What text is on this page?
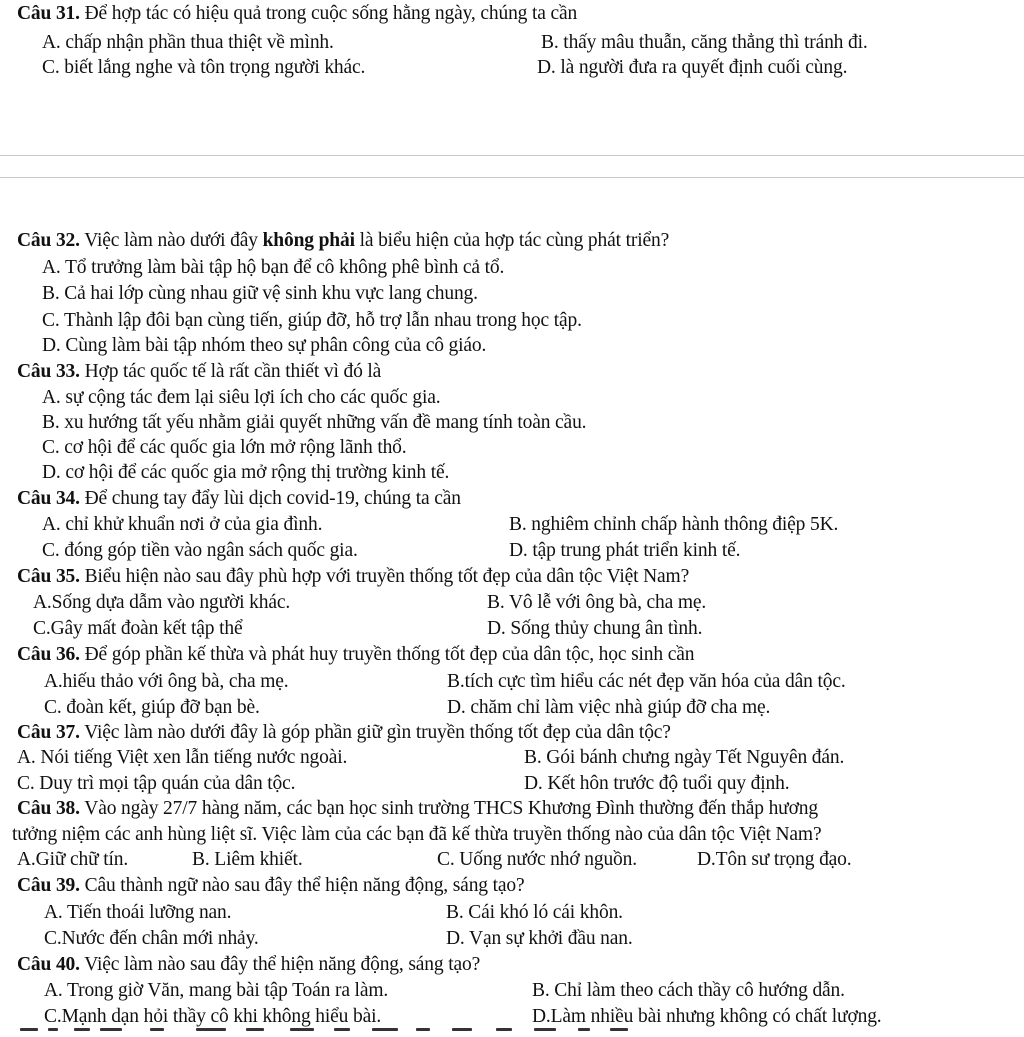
Câu 31. Để hợp tác có hiệu quả trong cuộc sống hằng ngày, chúng ta cần
A. chấp nhận phần thua thiệt về mình.	B. thấy mâu thuẫn, căng thẳng thì tránh đi.
C. biết lắng nghe và tôn trọng người khác.	D. là người đưa ra quyết định cuối cùng.
Câu 32. Việc làm nào dưới đây không phải là biểu hiện của hợp tác cùng phát triển?
A. Tổ trưởng làm bài tập hộ bạn để cô không phê bình cả tổ.
B. Cả hai lớp cùng nhau giữ vệ sinh khu vực lang chung.
C. Thành lập đôi bạn cùng tiến, giúp đỡ, hỗ trợ lẫn nhau trong học tập.
D. Cùng làm bài tập nhóm theo sự phân công của cô giáo.
Câu 33. Hợp tác quốc tế là rất cần thiết vì đó là
A. sự cộng tác đem lại siêu lợi ích cho các quốc gia.
B. xu hướng tất yếu nhằm giải quyết những vấn đề mang tính toàn cầu.
C. cơ hội để các quốc gia lớn mở rộng lãnh thổ.
D. cơ hội để các quốc gia mở rộng thị trường kinh tế.
Câu 34. Để chung tay đẩy lùi dịch covid-19, chúng ta cần
A. chỉ khử khuẩn nơi ở của gia đình.	B. nghiêm chỉnh chấp hành thông điệp 5K.
C. đóng góp tiền vào ngân sách quốc gia.	D. tập trung phát triển kinh tế.
Câu 35. Biểu hiện nào sau đây phù hợp với truyền thống tốt đẹp của dân tộc Việt Nam?
A.Sống dựa dẫm vào người khác.	B. Vô lễ với ông bà, cha mẹ.
C.Gây mất đoàn kết tập thể	D. Sống thủy chung ân tình.
Câu 36. Để góp phần kế thừa và phát huy truyền thống tốt đẹp của dân tộc, học sinh cần
A.hiếu thảo với ông bà, cha mẹ.	B.tích cực tìm hiểu các nét đẹp văn hóa của dân tộc.
C. đoàn kết, giúp đỡ bạn bè.	D. chăm chỉ làm việc nhà giúp đỡ cha mẹ.
Câu 37. Việc làm nào dưới đây là góp phần giữ gìn truyền thống tốt đẹp của dân tộc?
A. Nói tiếng Việt xen lẫn tiếng nước ngoài.	B. Gói bánh chưng ngày Tết Nguyên đán.
C. Duy trì mọi tập quán của dân tộc.	D. Kết hôn trước độ tuổi quy định.
Câu 38. Vào ngày 27/7 hàng năm, các bạn học sinh trường THCS Khương Đình thường đến thắp hương
tưởng niệm các anh hùng liệt sĩ. Việc làm của các bạn đã kế thừa truyền thống nào của dân tộc Việt Nam?
A.Giữ chữ tín.	B. Liêm khiết.	C. Uống nước nhớ nguồn.	D.Tôn sư trọng đạo.
Câu 39. Câu thành ngữ nào sau đây thể hiện năng động, sáng tạo?
A. Tiến thoái lưỡng nan.	B. Cái khó ló cái khôn.
C.Nước đến chân mới nhảy.	D. Vạn sự khởi đầu nan.
Câu 40. Việc làm nào sau đây thể hiện năng động, sáng tạo?
A. Trong giờ Văn, mang bài tập Toán ra làm.	B. Chỉ làm theo cách thầy cô hướng dẫn.
C.Mạnh dạn hỏi thầy cô khi không hiểu bài.	D.Làm nhiều bài nhưng không có chất lượng.
